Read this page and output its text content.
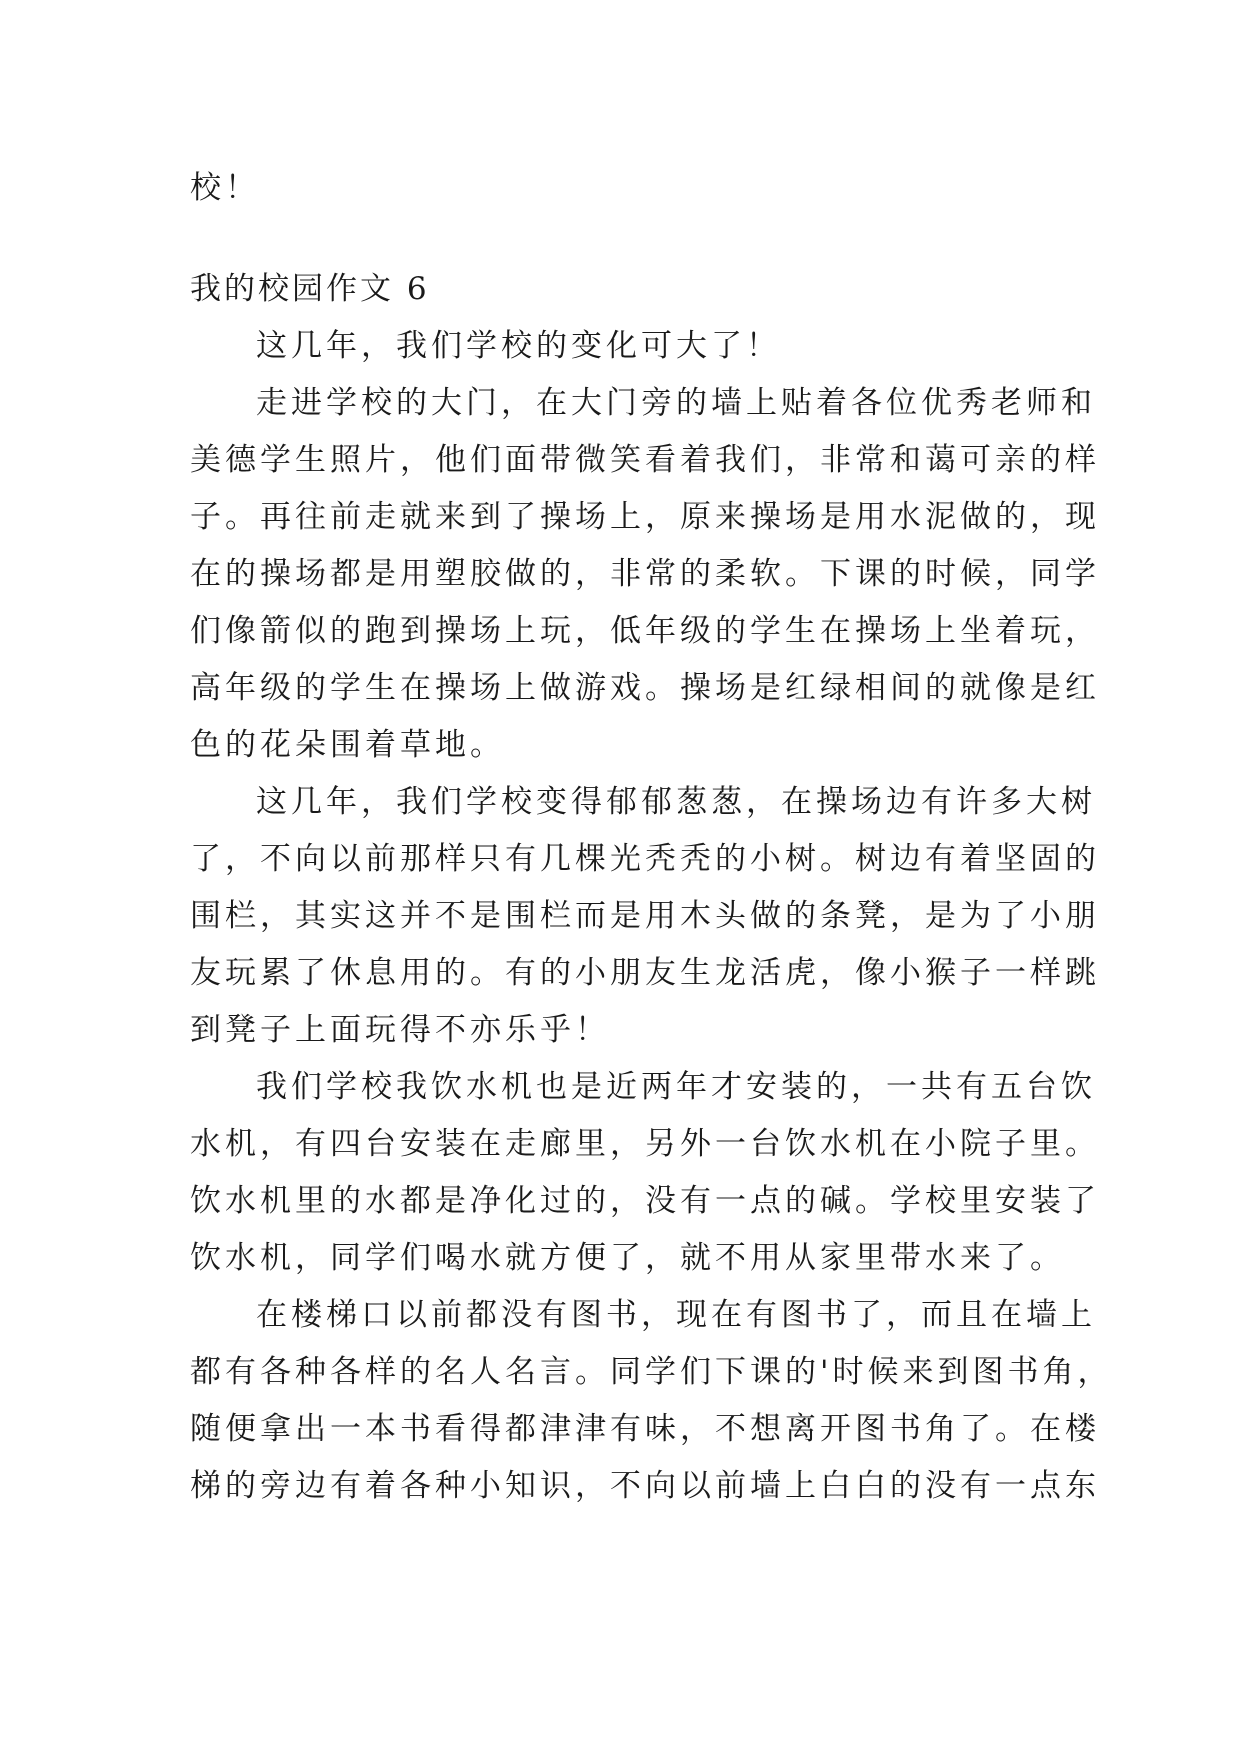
校！

我的校园作文 6

这几年，我们学校的变化可大了！

走进学校的大门，在大门旁的墙上贴着各位优秀老师和

美德学生照片，他们面带微笑看着我们，非常和蔼可亲的样

子。再往前走就来到了操场上，原来操场是用水泥做的，现

在的操场都是用塑胶做的，非常的柔软。下课的时候，同学

们像箭似的跑到操场上玩，低年级的学生在操场上坐着玩，

高年级的学生在操场上做游戏。操场是红绿相间的就像是红

色的花朵围着草地。

这几年，我们学校变得郁郁葱葱，在操场边有许多大树

了，不向以前那样只有几棵光秃秃的小树。树边有着坚固的

围栏，其实这并不是围栏而是用木头做的条凳，是为了小朋

友玩累了休息用的。有的小朋友生龙活虎，像小猴子一样跳

到凳子上面玩得不亦乐乎！

我们学校我饮水机也是近两年才安装的，一共有五台饮

水机，有四台安装在走廊里，另外一台饮水机在小院子里。

饮水机里的水都是净化过的，没有一点的碱。学校里安装了

饮水机，同学们喝水就方便了，就不用从家里带水来了。

在楼梯口以前都没有图书，现在有图书了，而且在墙上

都有各种各样的名人名言。同学们下课的'时候来到图书角，

随便拿出一本书看得都津津有味，不想离开图书角了。在楼

梯的旁边有着各种小知识，不向以前墙上白白的没有一点东
